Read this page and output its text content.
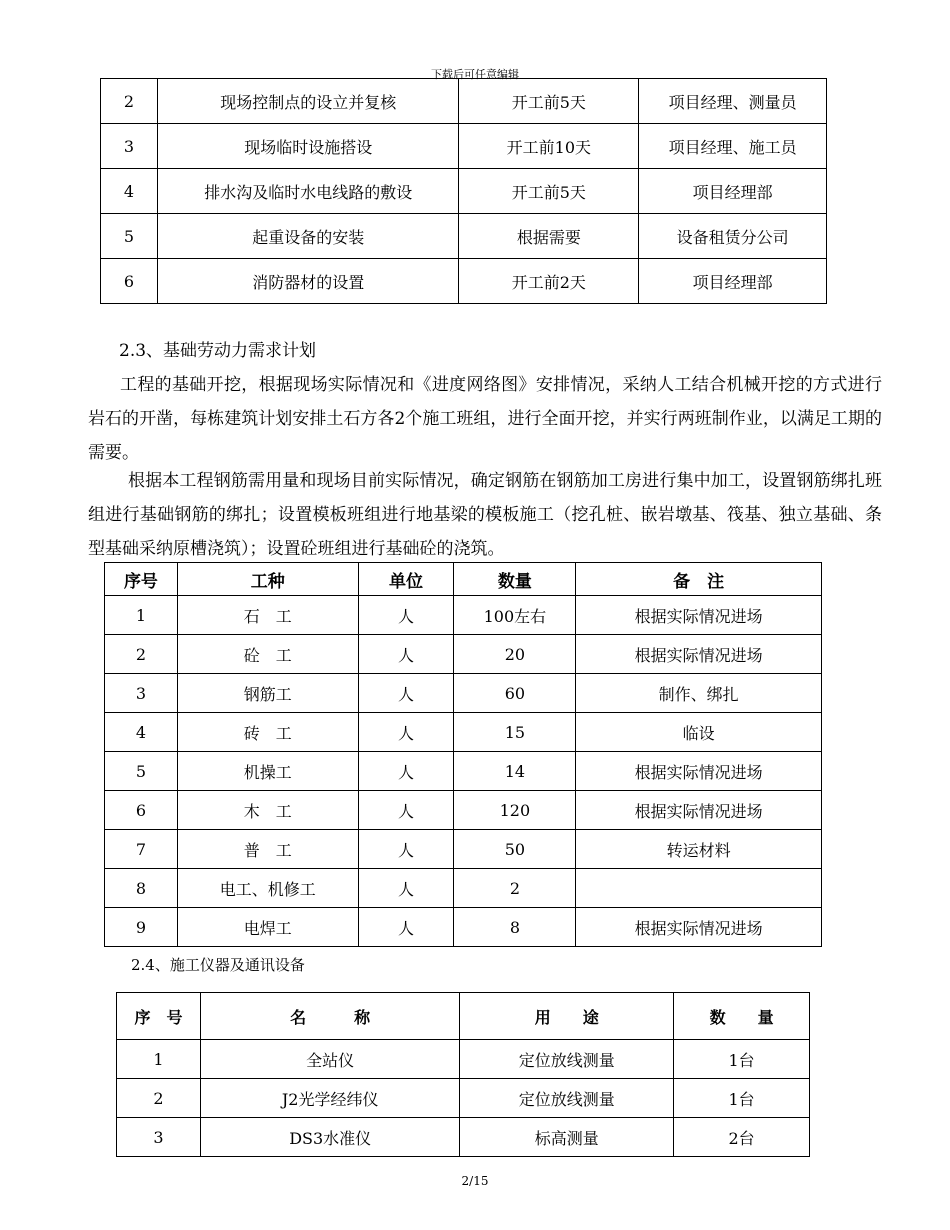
下载后可任意编辑
2	现场控制点的设立并复核	开工前5天	项目经理、测量员
3	现场临时设施搭设	开工前10天	项目经理、施工员
4	排水沟及临时水电线路的敷设	开工前5天	项目经理部
5	起重设备的安装	根据需要	设备租赁分公司
6	消防器材的设置	开工前2天	项目经理部
2.3、基础劳动力需求计划
工程的基础开挖，根据现场实际情况和《进度网络图》安排情况，采纳人工结合机械开挖的方式进行岩石的开凿，每栋建筑计划安排土石方各2个施工班组，进行全面开挖，并实行两班制作业，以满足工期的需要。
根据本工程钢筋需用量和现场目前实际情况，确定钢筋在钢筋加工房进行集中加工，设置钢筋绑扎班组进行基础钢筋的绑扎；设置模板班组进行地基梁的模板施工（挖孔桩、嵌岩墩基、筏基、独立基础、条型基础采纳原槽浇筑）；设置砼班组进行基础砼的浇筑。
序号	工种	单位	数量	备　注
1	石　工	人	100左右	根据实际情况进场
2	砼　工	人	20	根据实际情况进场
3	钢筋工	人	60	制作、绑扎
4	砖　工	人	15	临设
5	机操工	人	14	根据实际情况进场
6	木　工	人	120	根据实际情况进场
7	普　工	人	50	转运材料
8	电工、机修工	人	2	
9	电焊工	人	8	根据实际情况进场
2.4、施工仪器及通讯设备
序　号	名　　　称	用　　途	数　　量
1	全站仪	定位放线测量	1台
2	J2光学经纬仪	定位放线测量	1台
3	DS3水准仪	标高测量	2台
2/15
